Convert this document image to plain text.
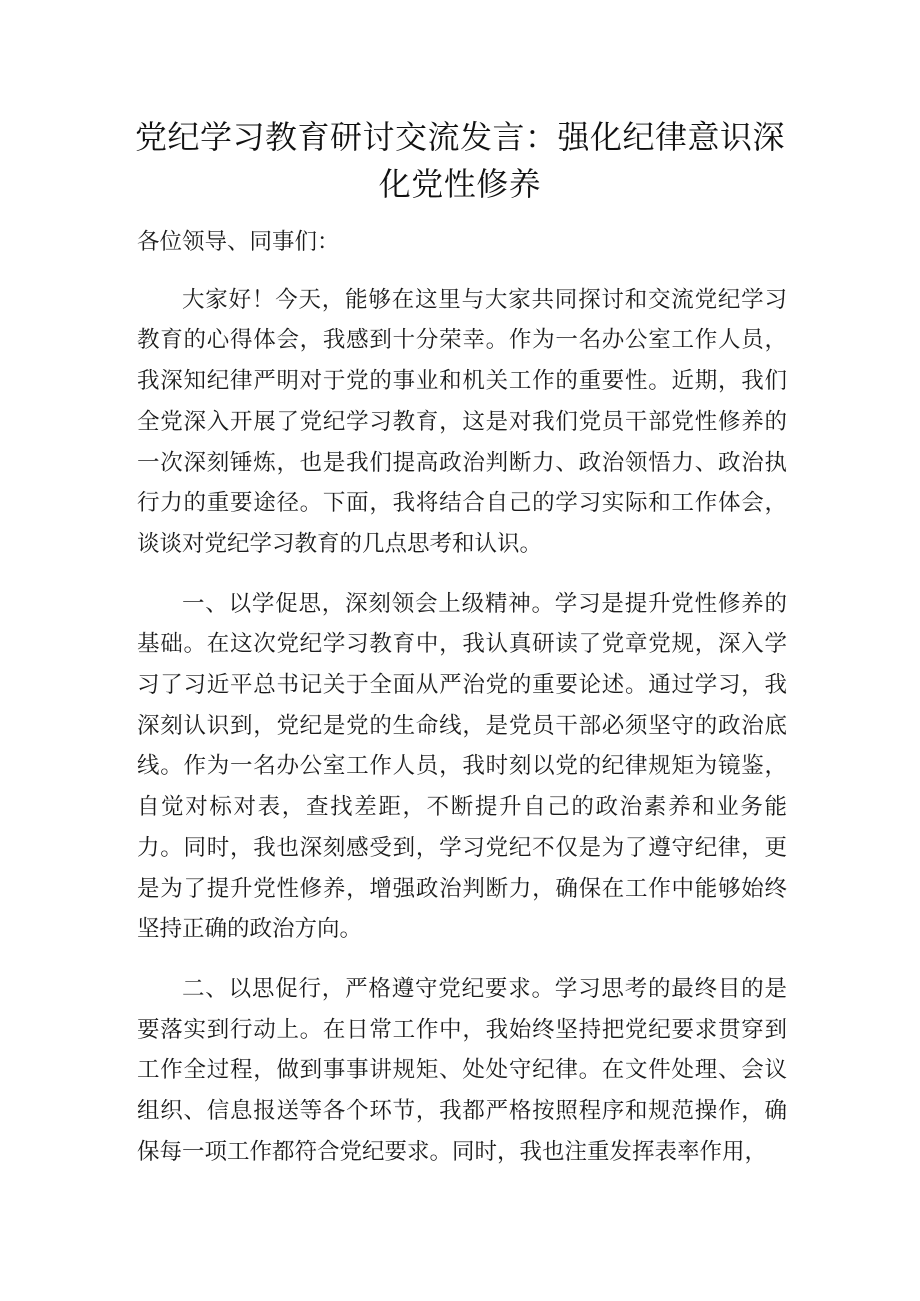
党纪学习教育研讨交流发言：强化纪律意识深化党性修养

各位领导、同事们：

大家好！今天，能够在这里与大家共同探讨和交流党纪学习教育的心得体会，我感到十分荣幸。作为一名办公室工作人员，我深知纪律严明对于党的事业和机关工作的重要性。近期，我们全党深入开展了党纪学习教育，这是对我们党员干部党性修养的一次深刻锤炼，也是我们提高政治判断力、政治领悟力、政治执行力的重要途径。下面，我将结合自己的学习实际和工作体会，谈谈对党纪学习教育的几点思考和认识。

一、以学促思，深刻领会上级精神。学习是提升党性修养的基础。在这次党纪学习教育中，我认真研读了党章党规，深入学习了习近平总书记关于全面从严治党的重要论述。通过学习，我深刻认识到，党纪是党的生命线，是党员干部必须坚守的政治底线。作为一名办公室工作人员，我时刻以党的纪律规矩为镜鉴，自觉对标对表，查找差距，不断提升自己的政治素养和业务能力。同时，我也深刻感受到，学习党纪不仅是为了遵守纪律，更是为了提升党性修养，增强政治判断力，确保在工作中能够始终坚持正确的政治方向。

二、以思促行，严格遵守党纪要求。学习思考的最终目的是要落实到行动上。在日常工作中，我始终坚持把党纪要求贯穿到工作全过程，做到事事讲规矩、处处守纪律。在文件处理、会议组织、信息报送等各个环节，我都严格按照程序和规范操作，确保每一项工作都符合党纪要求。同时，我也注重发挥表率作用，
